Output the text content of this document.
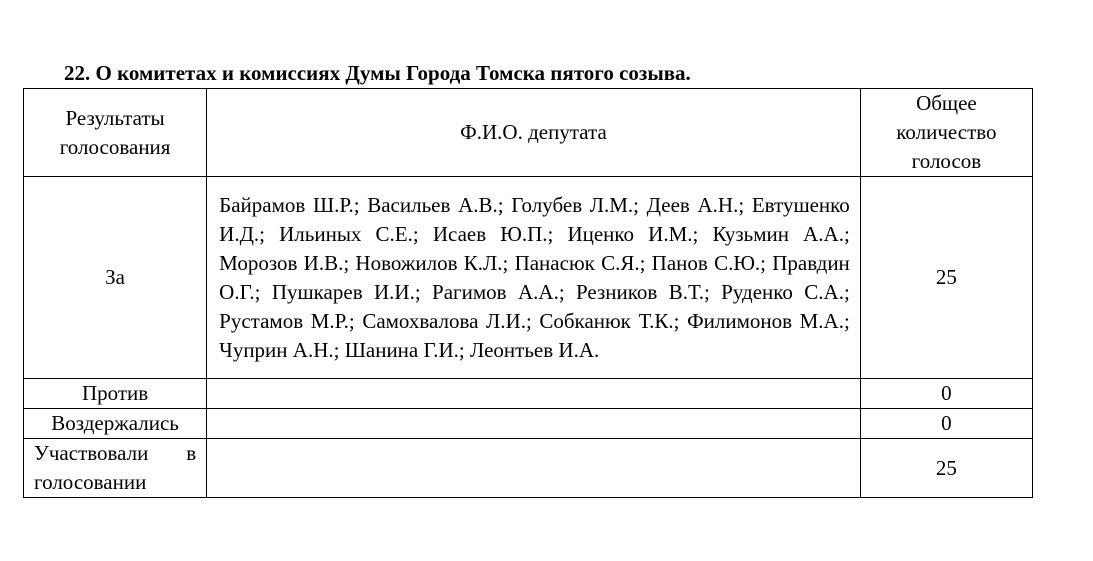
22. О комитетах и комиссиях Думы Города Томска пятого созыва.
Результаты голосования	Ф.И.О. депутата	Общее количество голосов
За	Байрамов Ш.Р.; Васильев А.В.; Голубев Л.М.; Деев А.Н.; Евтушенко И.Д.; Ильиных С.Е.; Исаев Ю.П.; Иценко И.М.; Кузьмин А.А.; Морозов И.В.; Новожилов К.Л.; Панасюк С.Я.; Панов С.Ю.; Правдин О.Г.; Пушкарев И.И.; Рагимов А.А.; Резников В.Т.; Руденко С.А.; Рустамов М.Р.; Самохвалова Л.И.; Собканюк Т.К.; Филимонов М.А.; Чуприн А.Н.; Шанина Г.И.; Леонтьев И.А.	25
Против		0
Воздержались		0
Участвовали в голосовании		25
